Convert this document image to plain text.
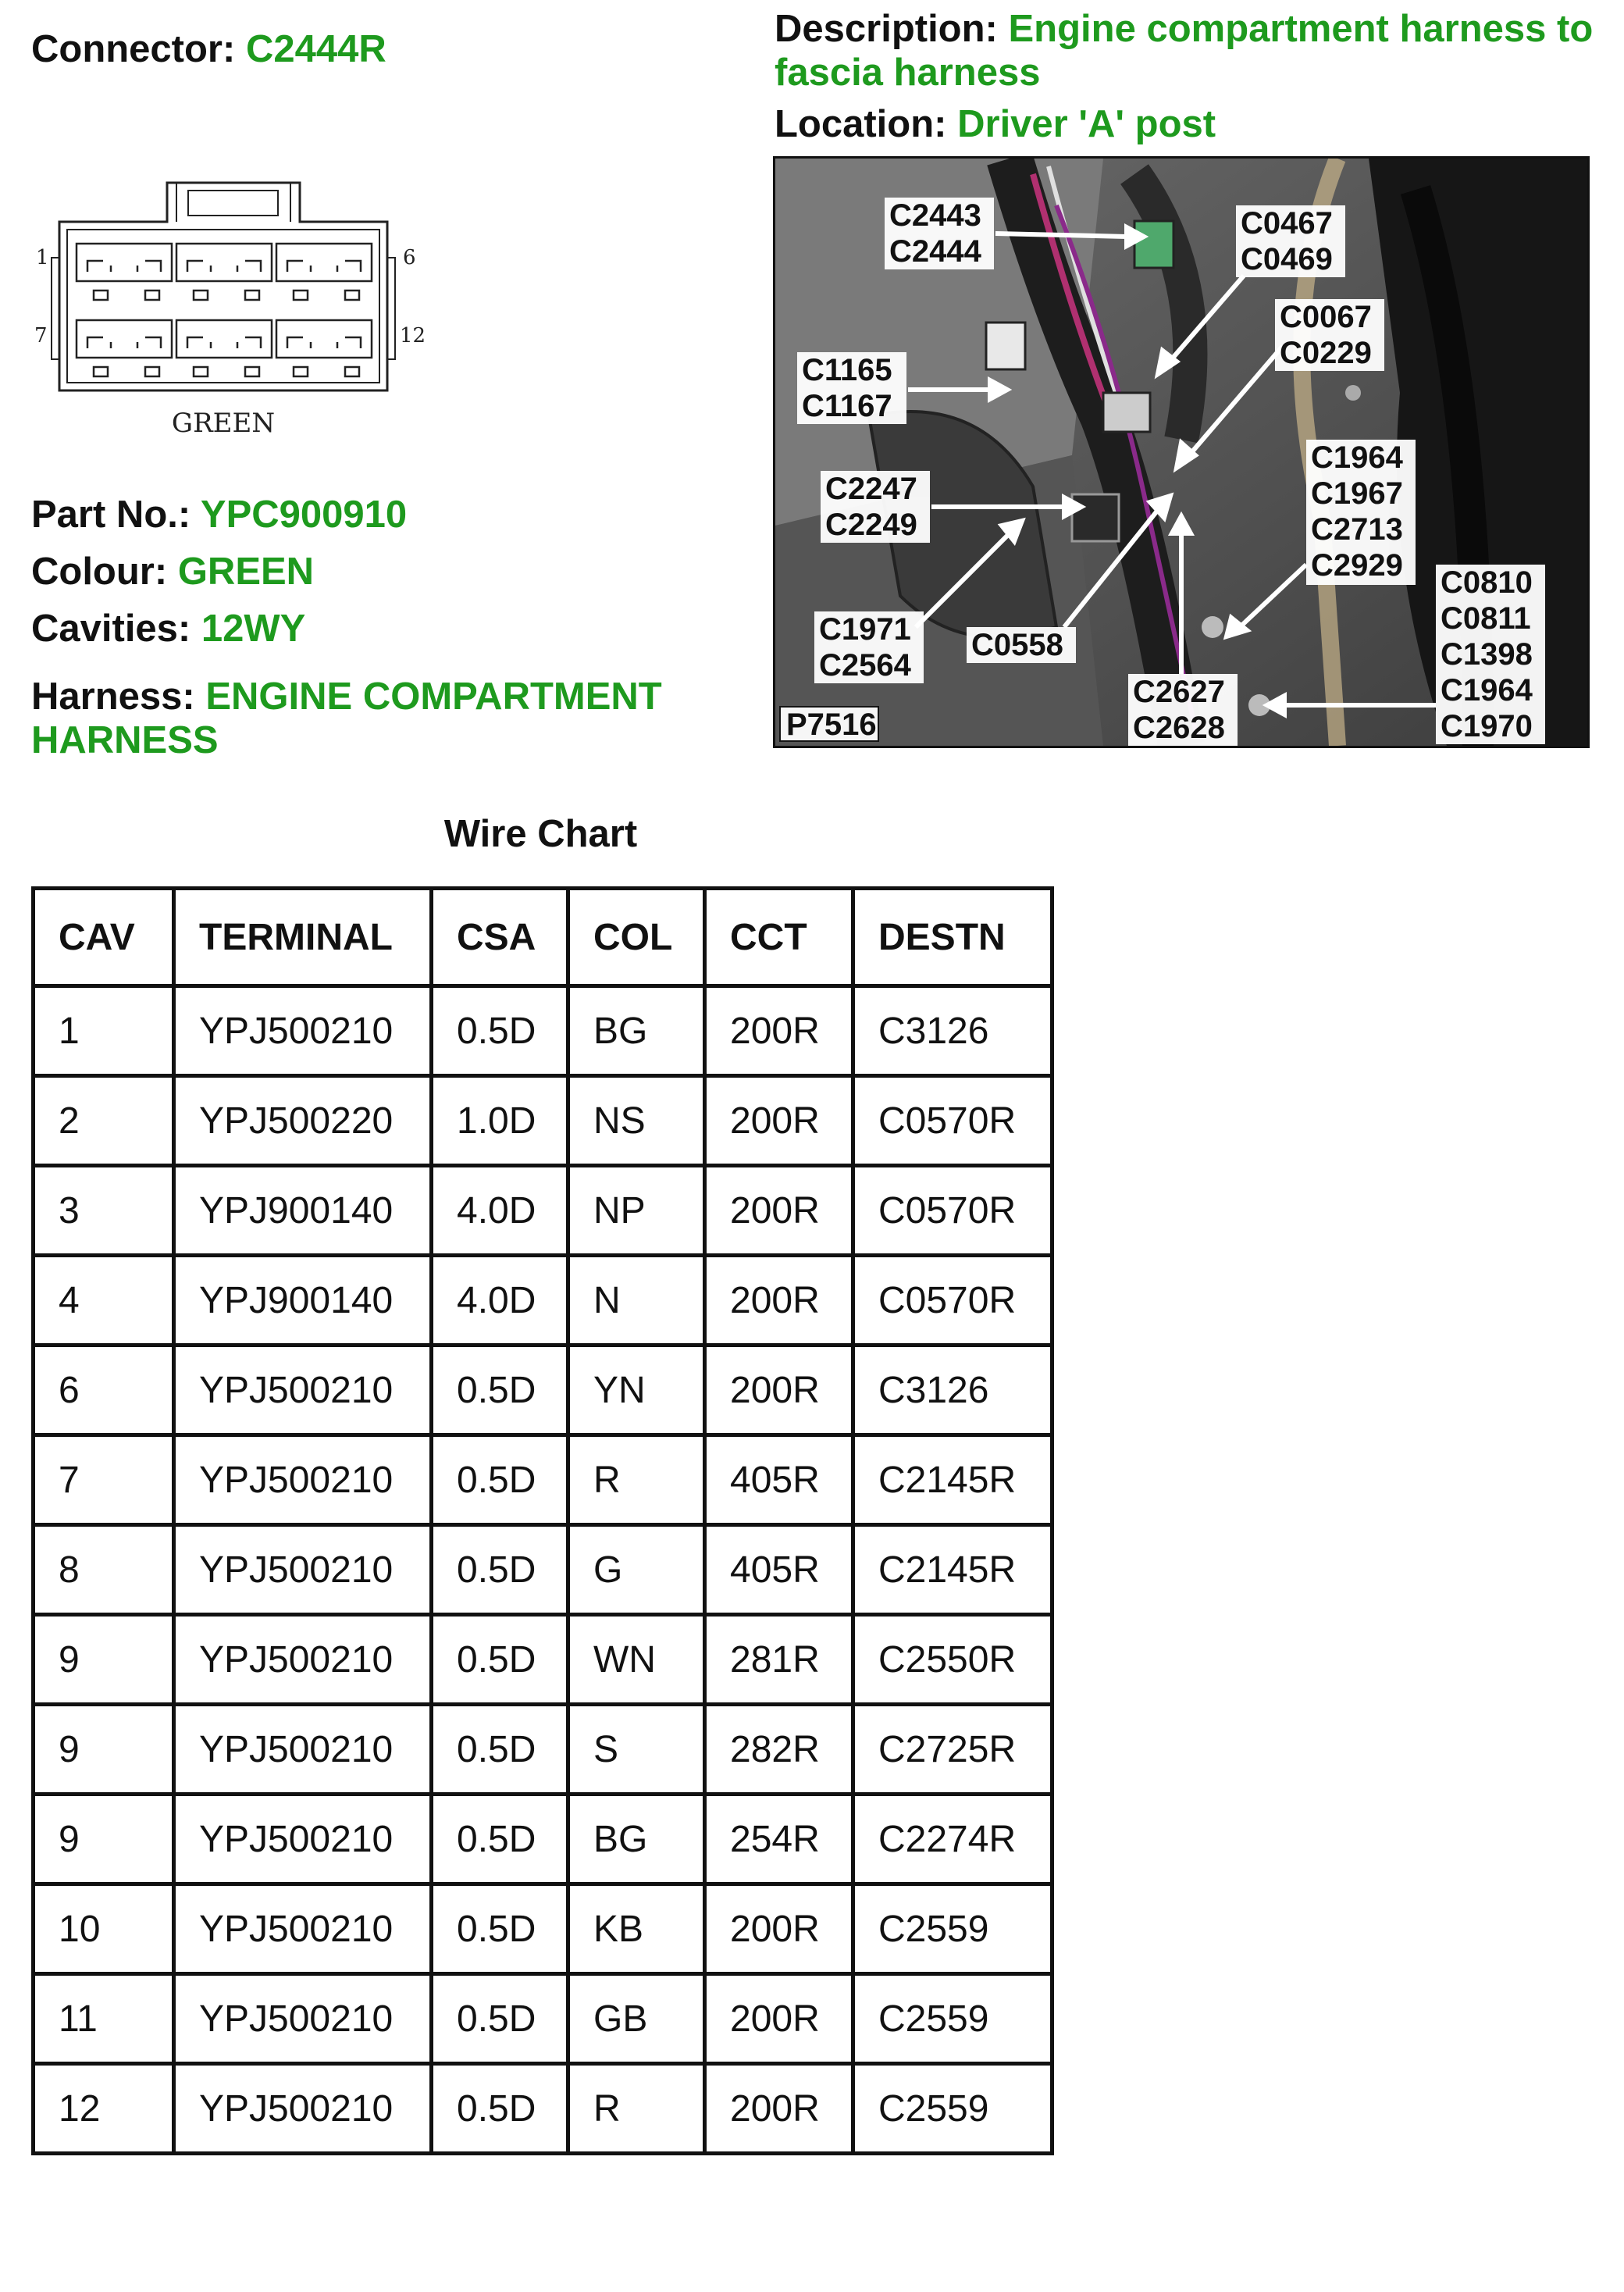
Connector: C2444R	Description: Engine compartment harness to
fascia harness
Location: Driver 'A' post
1	6
7	12
GREEN
Part No.: YPC900910
Colour: GREEN
Cavities: 12WY
Harness: ENGINE COMPARTMENT
HARNESS
C2443
C2444
C0467
C0469
C0067
C0229
C1165
C1167
C1964
C1967
C2713
C2929
C2247
C2249
C0810
C0811
C1398
C1964
C1970
C1971
C2564
C0558
C2627
C2628
P7516
Wire Chart
CAV	TERMINAL	CSA	COL	CCT	DESTN
1	YPJ500210	0.5D	BG	200R	C3126
2	YPJ500220	1.0D	NS	200R	C0570R
3	YPJ900140	4.0D	NP	200R	C0570R
4	YPJ900140	4.0D	N	200R	C0570R
6	YPJ500210	0.5D	YN	200R	C3126
7	YPJ500210	0.5D	R	405R	C2145R
8	YPJ500210	0.5D	G	405R	C2145R
9	YPJ500210	0.5D	WN	281R	C2550R
9	YPJ500210	0.5D	S	282R	C2725R
9	YPJ500210	0.5D	BG	254R	C2274R
10	YPJ500210	0.5D	KB	200R	C2559
11	YPJ500210	0.5D	GB	200R	C2559
12	YPJ500210	0.5D	R	200R	C2559
